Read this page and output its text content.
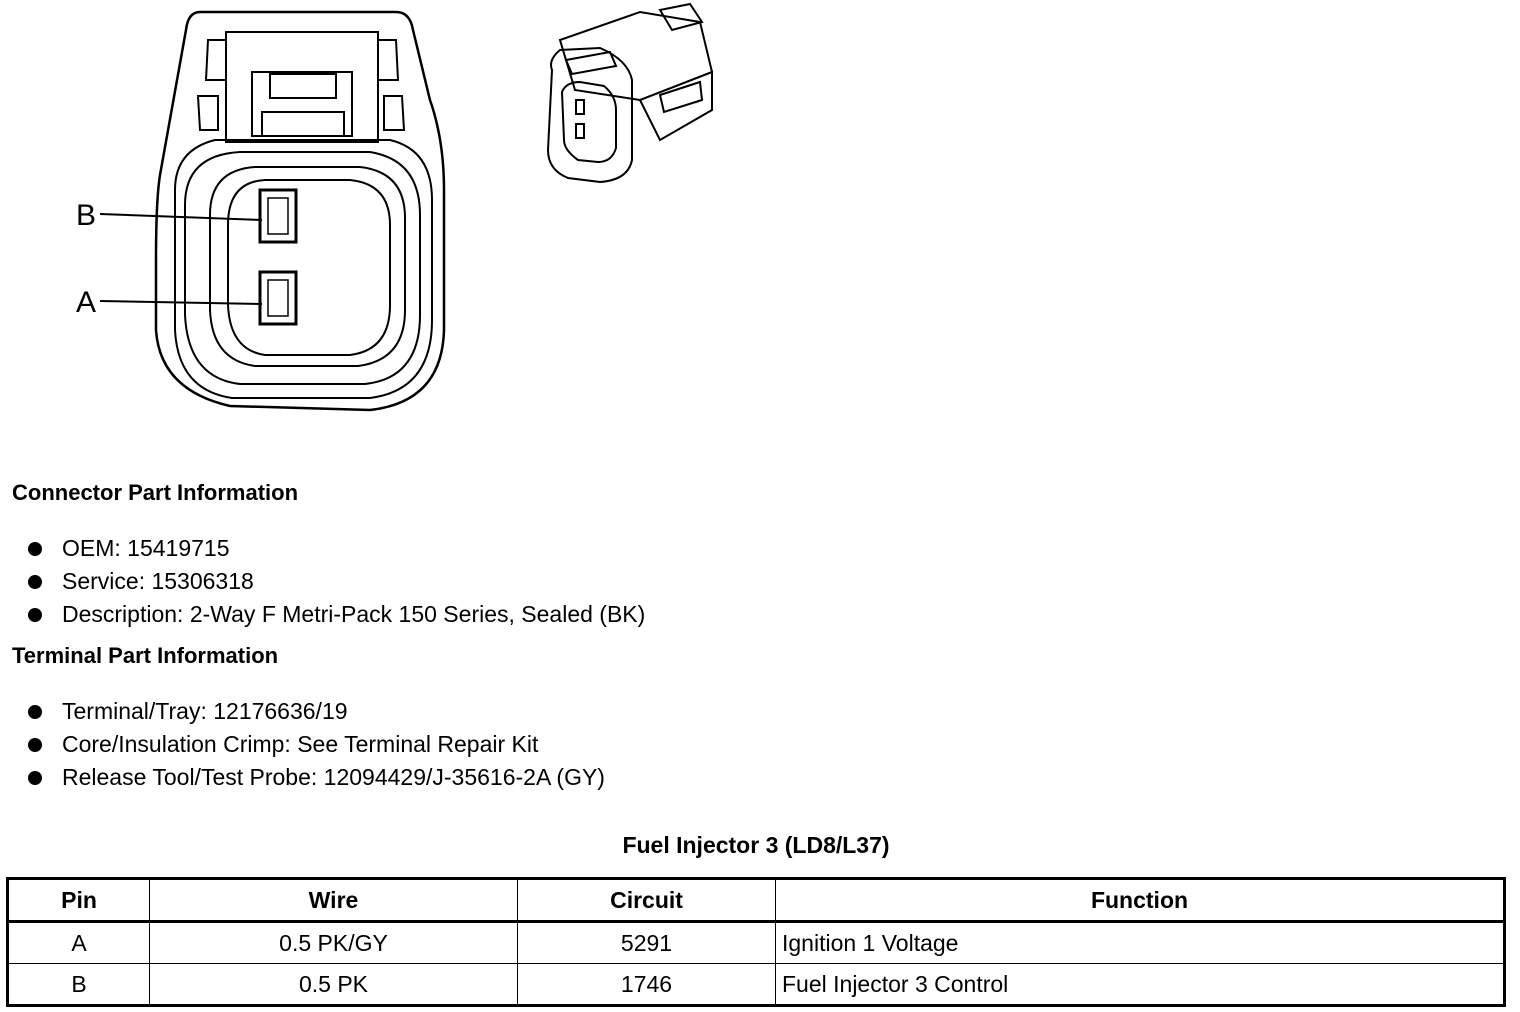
B
A
Connector Part Information
OEM: 15419715
Service: 15306318
Description: 2-Way F Metri-Pack 150 Series, Sealed (BK)
Terminal Part Information
Terminal/Tray: 12176636/19
Core/Insulation Crimp: See Terminal Repair Kit
Release Tool/Test Probe: 12094429/J-35616-2A (GY)
Fuel Injector 3 (LD8/L37)
Pin	Wire	Circuit	Function
A	0.5 PK/GY	5291	Ignition 1 Voltage
B	0.5 PK	1746	Fuel Injector 3 Control
